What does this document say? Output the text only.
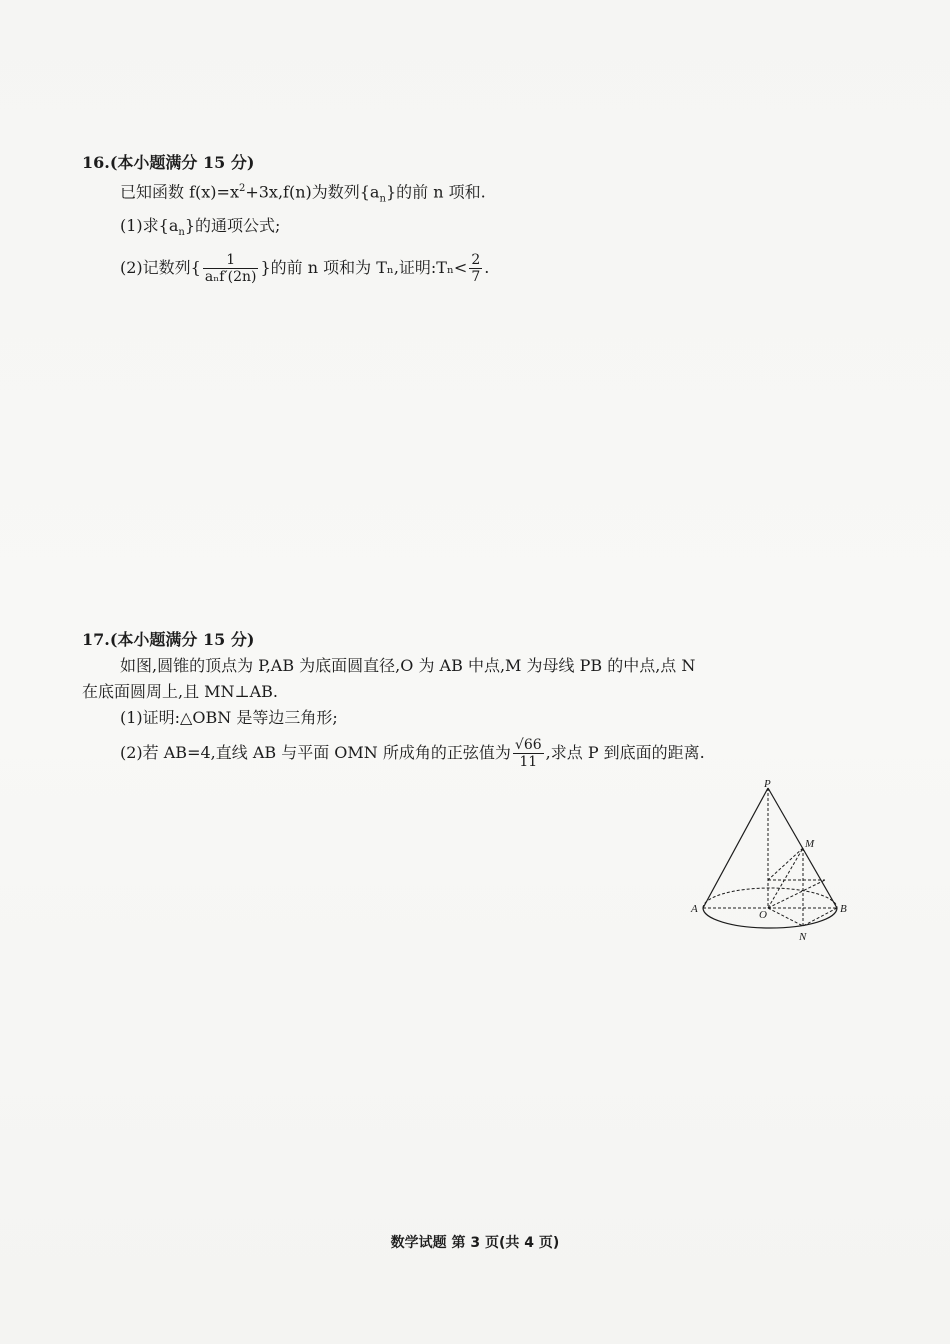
16.(本小题满分 15 分)
已知函数 $f(x)=x^2+3x,f(n)$为数列$\{a_n\}$的前 n 项和.
(1)求$\{a_n\}$的通项公式;
(2)记数列{ $\frac{1}{\text{aₙf′(2n)}}$ }的前 n 项和为 Tₙ,证明:Tₙ< $\frac{2}{7}$ .
17.(本小题满分 15 分)
如图,圆锥的顶点为 P,AB 为底面圆直径,O 为 AB 中点,M 为母线 PB 的中点,点 N
在底面圆周上,且 MN⊥AB.
(1)证明:△OBN 是等边三角形;
(2)若 AB=4,直线 AB 与平面 OMN 所成角的正弦值为 $\frac{√66}{11}$ ,求点 P 到底面的距离.
P
M
A	O	B
N
数学试题 第 3 页(共 4 页)
